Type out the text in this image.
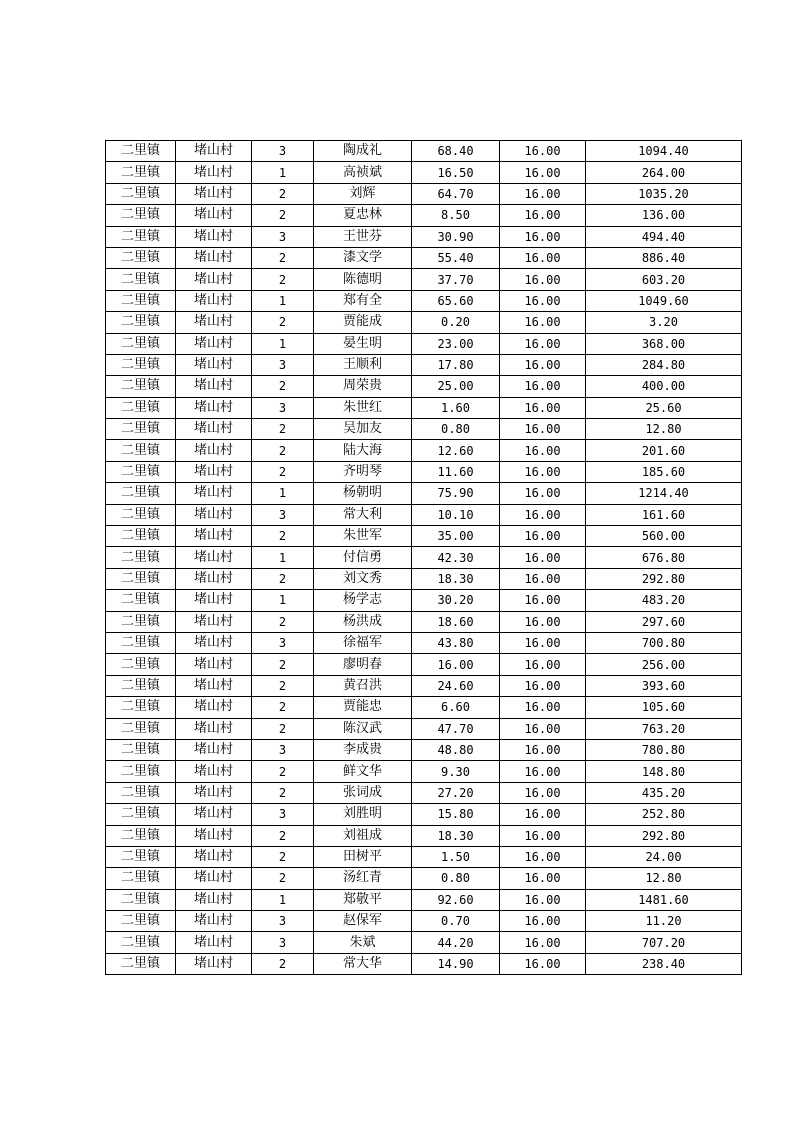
二里镇	堵山村	3	陶成礼	68.40	16.00	1094.40
二里镇	堵山村	1	高祯斌	16.50	16.00	264.00
二里镇	堵山村	2	刘辉	64.70	16.00	1035.20
二里镇	堵山村	2	夏忠林	8.50	16.00	136.00
二里镇	堵山村	3	王世芬	30.90	16.00	494.40
二里镇	堵山村	2	漆文学	55.40	16.00	886.40
二里镇	堵山村	2	陈德明	37.70	16.00	603.20
二里镇	堵山村	1	郑有全	65.60	16.00	1049.60
二里镇	堵山村	2	贾能成	0.20	16.00	3.20
二里镇	堵山村	1	晏生明	23.00	16.00	368.00
二里镇	堵山村	3	王顺利	17.80	16.00	284.80
二里镇	堵山村	2	周荣贵	25.00	16.00	400.00
二里镇	堵山村	3	朱世红	1.60	16.00	25.60
二里镇	堵山村	2	吴加友	0.80	16.00	12.80
二里镇	堵山村	2	陆大海	12.60	16.00	201.60
二里镇	堵山村	2	齐明琴	11.60	16.00	185.60
二里镇	堵山村	1	杨朝明	75.90	16.00	1214.40
二里镇	堵山村	3	常大利	10.10	16.00	161.60
二里镇	堵山村	2	朱世军	35.00	16.00	560.00
二里镇	堵山村	1	付信勇	42.30	16.00	676.80
二里镇	堵山村	2	刘文秀	18.30	16.00	292.80
二里镇	堵山村	1	杨学志	30.20	16.00	483.20
二里镇	堵山村	2	杨洪成	18.60	16.00	297.60
二里镇	堵山村	3	徐福军	43.80	16.00	700.80
二里镇	堵山村	2	廖明春	16.00	16.00	256.00
二里镇	堵山村	2	黄召洪	24.60	16.00	393.60
二里镇	堵山村	2	贾能忠	6.60	16.00	105.60
二里镇	堵山村	2	陈汉武	47.70	16.00	763.20
二里镇	堵山村	3	李成贵	48.80	16.00	780.80
二里镇	堵山村	2	鲜文华	9.30	16.00	148.80
二里镇	堵山村	2	张词成	27.20	16.00	435.20
二里镇	堵山村	3	刘胜明	15.80	16.00	252.80
二里镇	堵山村	2	刘祖成	18.30	16.00	292.80
二里镇	堵山村	2	田树平	1.50	16.00	24.00
二里镇	堵山村	2	汤红青	0.80	16.00	12.80
二里镇	堵山村	1	郑敬平	92.60	16.00	1481.60
二里镇	堵山村	3	赵保军	0.70	16.00	11.20
二里镇	堵山村	3	朱斌	44.20	16.00	707.20
二里镇	堵山村	2	常大华	14.90	16.00	238.40
